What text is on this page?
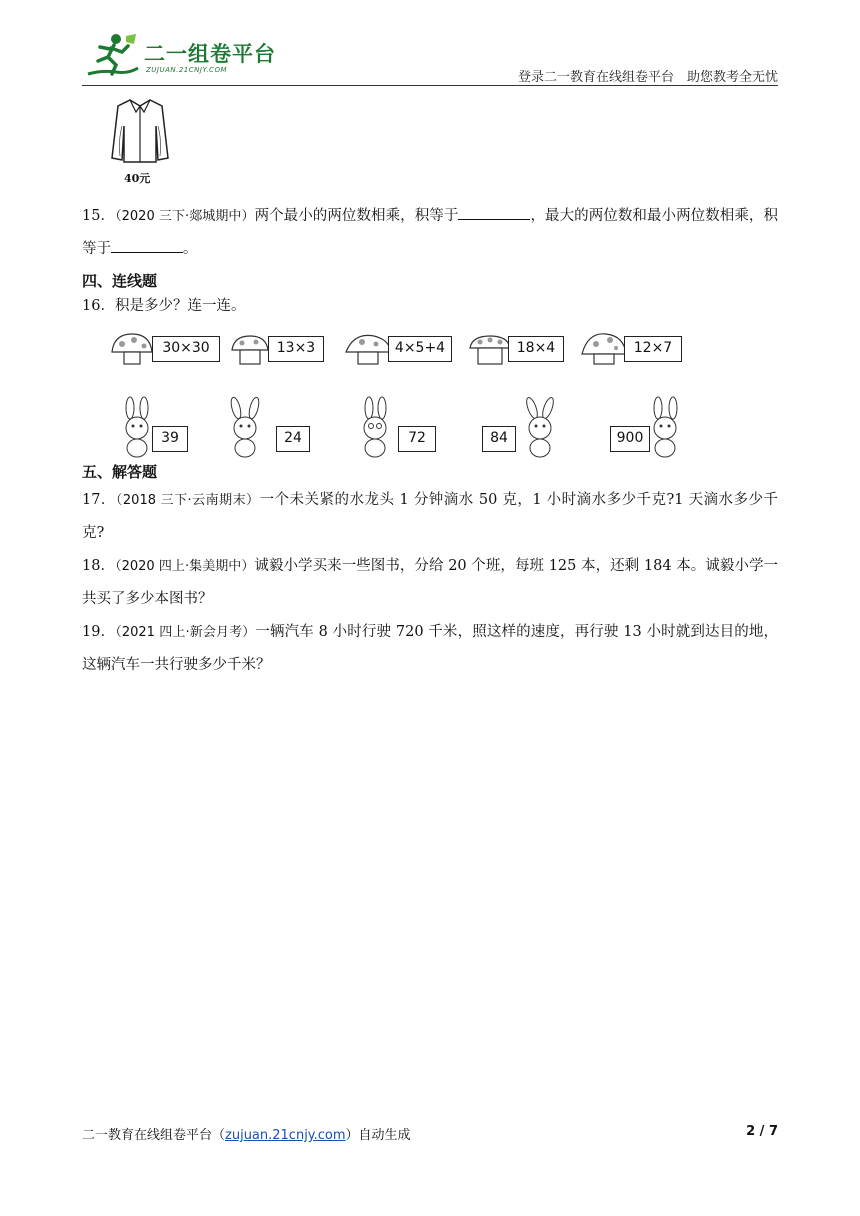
二一组卷平台
ZUJUAN.21CNJY.COM	登录二一教育在线组卷平台　助您教考全无忧
40元
15．（2020 三下·郯城期中）两个最小的两位数相乘，积等于	，最大的两位数和最小两位数相乘，积等于	。
四、连线题
16．积是多少？连一连。
30×30	13×3	4×5+4	18×4	12×7
39	24	72	84	900
五、解答题
17．（2018 三下·云南期末）一个未关紧的水龙头 1 分钟滴水 50 克，1 小时滴水多少千克?1 天滴水多少千克?
18．（2020 四上·集美期中）诚毅小学买来一些图书，分给 20 个班，每班 125 本，还剩 184 本。诚毅小学一共买了多少本图书？
19．（2021 四上·新会月考）一辆汽车 8 小时行驶 720 千米，照这样的速度，再行驶 13 小时就到达目的地，这辆汽车一共行驶多少千米？
二一教育在线组卷平台（zujuan.21cnjy.com）自动生成	2 / 7
